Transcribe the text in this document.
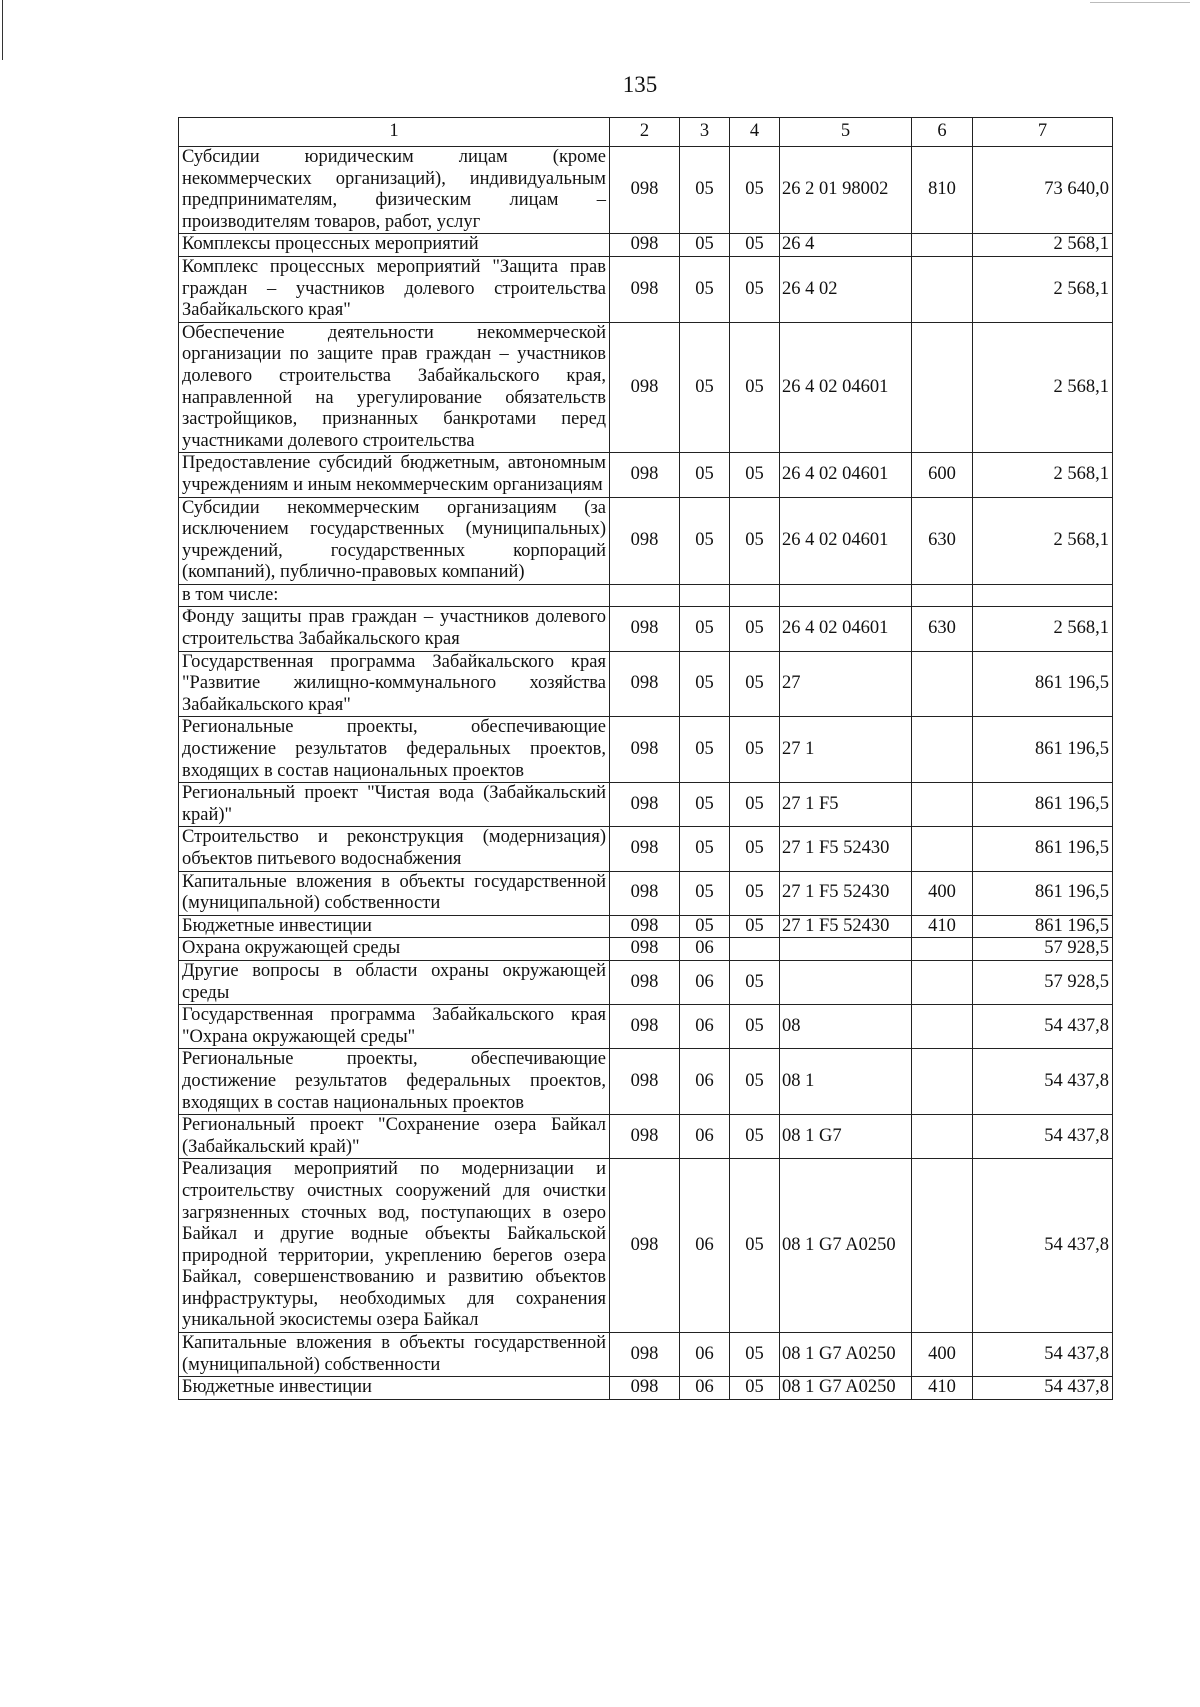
135
1	2	3	4	5	6	7
Субсидии юридическим лицам (кроме некоммерческих организаций), индивидуальным предпринимателям, физическим лицам – производителям товаров, работ, услуг	098	05	05	26 2 01 98002	810	73 640,0
Комплексы процессных мероприятий	098	05	05	26 4		2 568,1
Комплекс процессных мероприятий "Защита прав граждан – участников долевого строительства Забайкальского края"	098	05	05	26 4 02		2 568,1
Обеспечение деятельности некоммерческой организации по защите прав граждан – участников долевого строительства Забайкальского края, направленной на урегулирование обязательств застройщиков, признанных банкротами перед участниками долевого строительства	098	05	05	26 4 02 04601		2 568,1
Предоставление субсидий бюджетным, автономным учреждениям и иным некоммерческим организациям	098	05	05	26 4 02 04601	600	2 568,1
Субсидии некоммерческим организациям (за исключением государственных (муниципальных) учреждений, государственных корпораций (компаний), публично-правовых компаний)	098	05	05	26 4 02 04601	630	2 568,1
в том числе:						
Фонду защиты прав граждан – участников долевого строительства Забайкальского края	098	05	05	26 4 02 04601	630	2 568,1
Государственная программа Забайкальского края "Развитие жилищно-коммунального хозяйства Забайкальского края"	098	05	05	27		861 196,5
Региональные проекты, обеспечивающие достижение результатов федеральных проектов, входящих в состав национальных проектов	098	05	05	27 1		861 196,5
Региональный проект "Чистая вода (Забайкальский край)"	098	05	05	27 1 F5		861 196,5
Строительство и реконструкция (модернизация) объектов питьевого водоснабжения	098	05	05	27 1 F5 52430		861 196,5
Капитальные вложения в объекты государственной (муниципальной) собственности	098	05	05	27 1 F5 52430	400	861 196,5
Бюджетные инвестиции	098	05	05	27 1 F5 52430	410	861 196,5
Охрана окружающей среды	098	06				57 928,5
Другие вопросы в области охраны окружающей среды	098	06	05			57 928,5
Государственная программа Забайкальского края "Охрана окружающей среды"	098	06	05	08		54 437,8
Региональные проекты, обеспечивающие достижение результатов федеральных проектов, входящих в состав национальных проектов	098	06	05	08 1		54 437,8
Региональный проект "Сохранение озера Байкал (Забайкальский край)"	098	06	05	08 1 G7		54 437,8
Реализация мероприятий по модернизации и строительству очистных сооружений для очистки загрязненных сточных вод, поступающих в озеро Байкал и другие водные объекты Байкальской природной территории, укреплению берегов озера Байкал, совершенствованию и развитию объектов инфраструктуры, необходимых для сохранения уникальной экосистемы озера Байкал	098	06	05	08 1 G7 A0250		54 437,8
Капитальные вложения в объекты государственной (муниципальной) собственности	098	06	05	08 1 G7 A0250	400	54 437,8
Бюджетные инвестиции	098	06	05	08 1 G7 A0250	410	54 437,8
